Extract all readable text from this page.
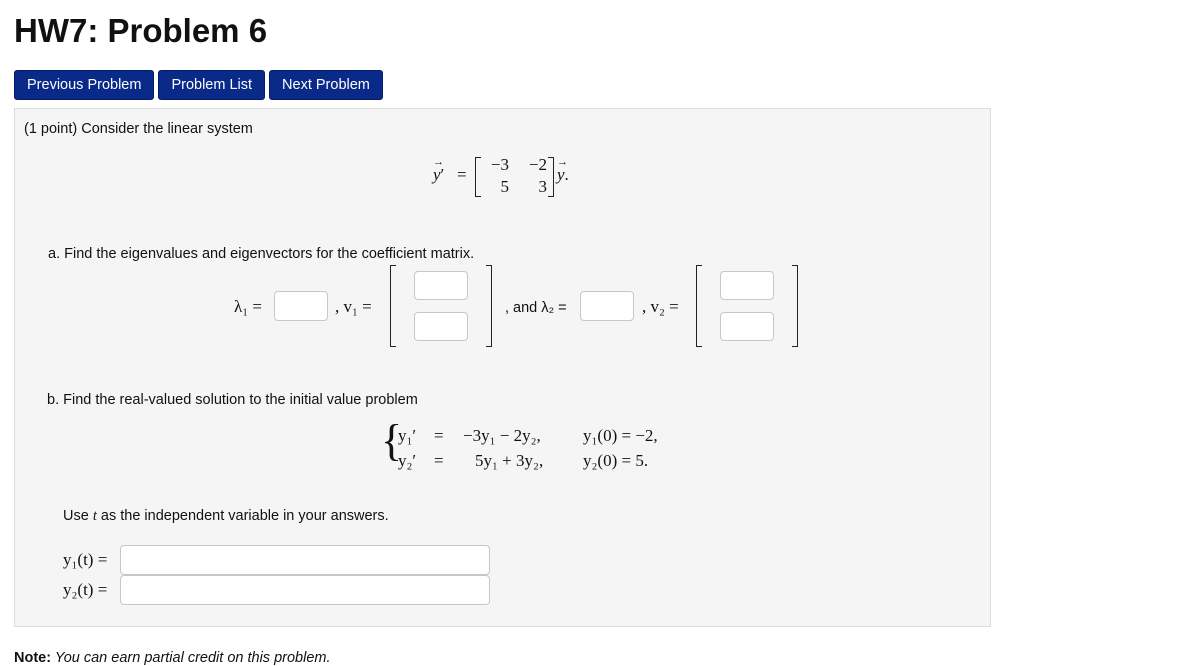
HW7: Problem 6
Previous Problem	Problem List	Next Problem
(1 point) Consider the linear system
→
y′ =
−3	−2
5	3
→
y.
a. Find the eigenvalues and eigenvectors for the coefficient matrix.
λ₁ =	, v₁ =	, and λ₂ =	, v₂ =
b. Find the real-valued solution to the initial value problem
{
y₁′ = −3y₁ − 2y₂, y₁(0) = −2,
y₂′ = 5y₁ + 3y₂, y₂(0) = 5.
Use t as the independent variable in your answers.
y₁(t) =
y₂(t) =
Note: You can earn partial credit on this problem.
